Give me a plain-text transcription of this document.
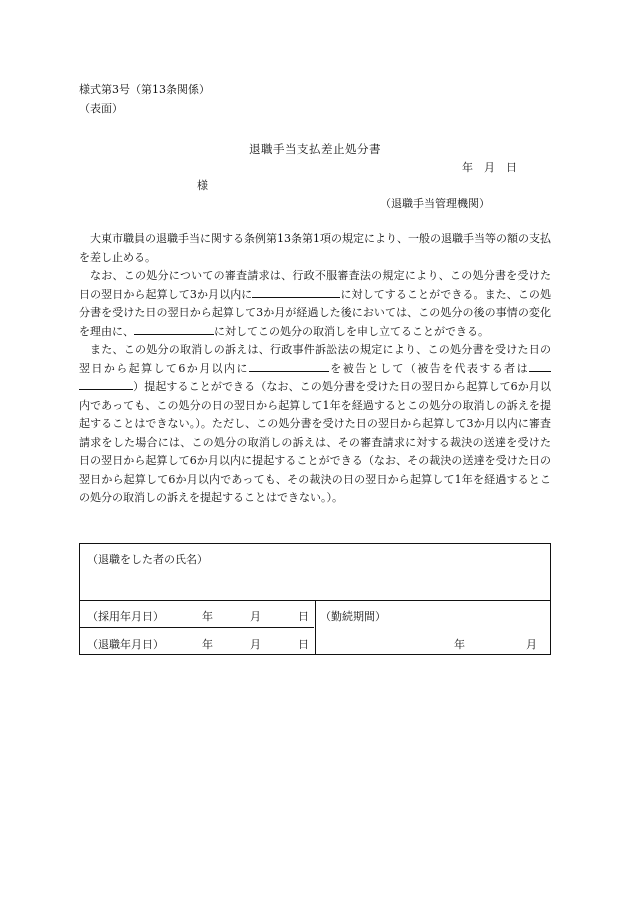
様式第3号（第13条関係）
（表面）
退職手当支払差止処分書
年　月　日
様
（退職手当管理機関）

大東市職員の退職手当に関する条例第13条第1項の規定により、一般の退職手当等の額の支払を差し止める。

なお、この処分についての審査請求は、行政不服審査法の規定により、この処分書を受けた日の翌日から起算して3か月以内に	に対してすることができる。また、この処分書を受けた日の翌日から起算して3か月が経過した後においては、この処分の後の事情の変化を理由に、	に対してこの処分の取消しを申し立てることができる。

また、この処分の取消しの訴えは、行政事件訴訟法の規定により、この処分書を受けた日の翌日から起算して6か月以内に	を被告として（被告を代表する者は）提起することができる（なお、この処分書を受けた日の翌日から起算して6か月以内であっても、この処分の日の翌日から起算して1年を経過するとこの処分の取消しの訴えを提起することはできない。）。ただし、この処分書を受けた日の翌日から起算して3か月以内に審査請求をした場合には、この処分の取消しの訴えは、その審査請求に対する裁決の送達を受けた日の翌日から起算して6か月以内に提起することができる（なお、その裁決の送達を受けた日の翌日から起算して6か月以内であっても、その裁決の日の翌日から起算して1年を経過するとこの処分の取消しの訴えを提起することはできない。）。

（退職をした者の氏名）
（採用年月日）	年	月	日
（退職年月日）	年	月	日
（勤続期間）
年	月
